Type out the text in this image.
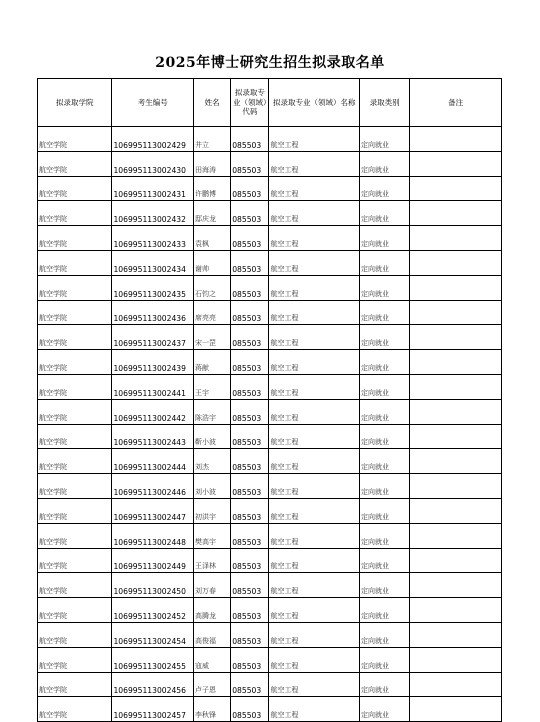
2025年博士研究生招生拟录取名单
拟录取学院	考生编号	姓名	拟录取专业（领域）代码	拟录取专业（领域）名称	录取类别	备注
航空学院	106995113002429	井立	085503	航空工程	定向就业	
航空学院	106995113002430	田海涛	085503	航空工程	定向就业	
航空学院	106995113002431	许鹏博	085503	航空工程	定向就业	
航空学院	106995113002432	邸庆龙	085503	航空工程	定向就业	
航空学院	106995113002433	袁枫	085503	航空工程	定向就业	
航空学院	106995113002434	谢帅	085503	航空工程	定向就业	
航空学院	106995113002435	石钧之	085503	航空工程	定向就业	
航空学院	106995113002436	席亮亮	085503	航空工程	定向就业	
航空学院	106995113002437	宋一罡	085503	航空工程	定向就业	
航空学院	106995113002439	蒋献	085503	航空工程	定向就业	
航空学院	106995113002441	王宇	085503	航空工程	定向就业	
航空学院	106995113002442	陈浩宇	085503	航空工程	定向就业	
航空学院	106995113002443	靳小波	085503	航空工程	定向就业	
航空学院	106995113002444	刘杰	085503	航空工程	定向就业	
航空学院	106995113002446	刘小波	085503	航空工程	定向就业	
航空学院	106995113002447	初洪宇	085503	航空工程	定向就业	
航空学院	106995113002448	樊高宇	085503	航空工程	定向就业	
航空学院	106995113002449	王泽林	085503	航空工程	定向就业	
航空学院	106995113002450	刘万春	085503	航空工程	定向就业	
航空学院	106995113002452	高腾龙	085503	航空工程	定向就业	
航空学院	106995113002454	高俊福	085503	航空工程	定向就业	
航空学院	106995113002455	寇威	085503	航空工程	定向就业	
航空学院	106995113002456	卢子恩	085503	航空工程	定向就业	
航空学院	106995113002457	李秋锋	085503	航空工程	定向就业	
